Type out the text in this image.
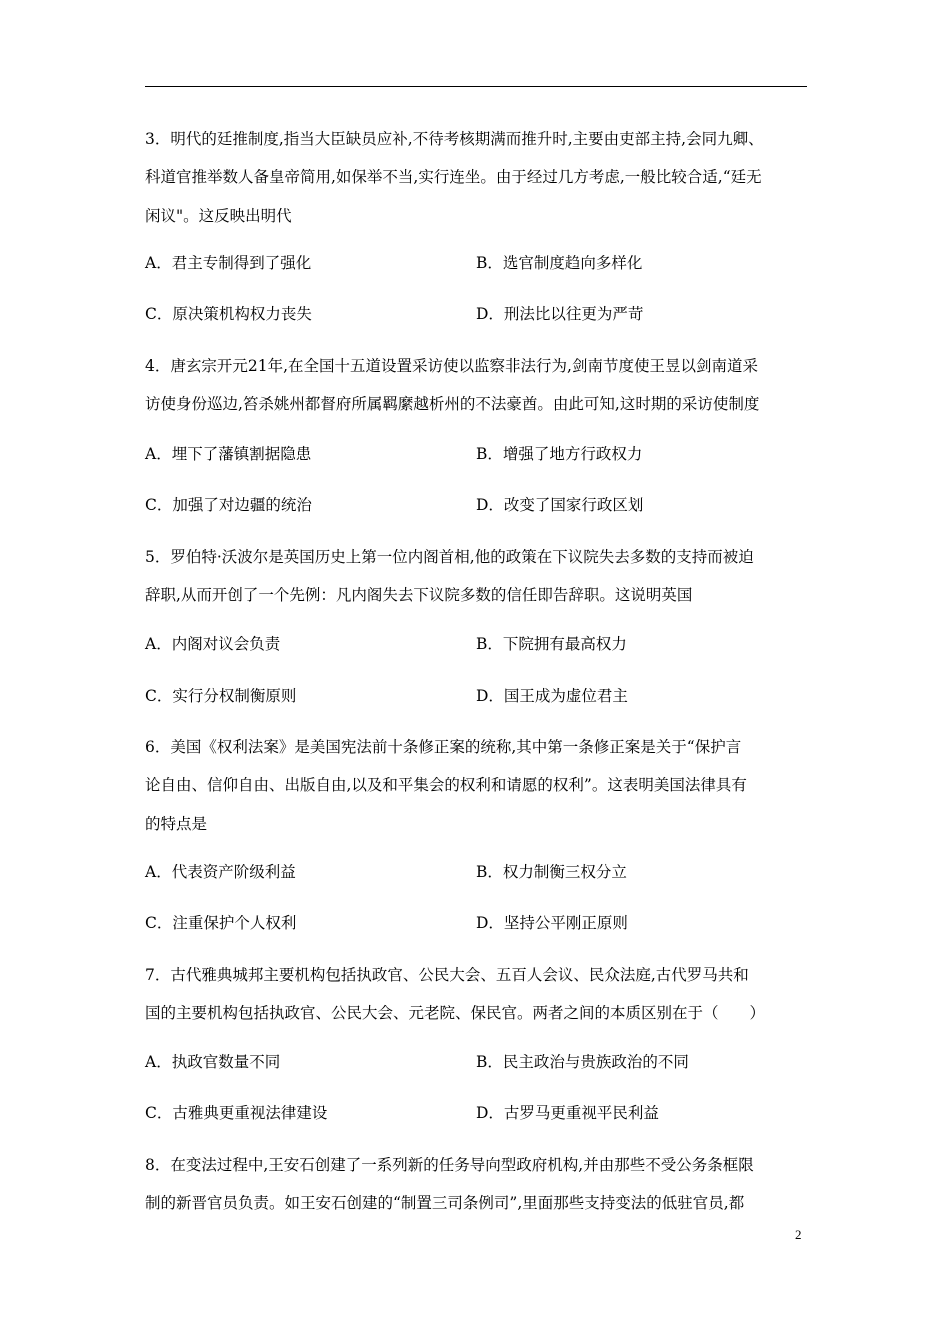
3．明代的廷推制度,指当大臣缺员应补,不待考核期满而推升时,主要由吏部主持,会同九卿、
科道官推举数人备皇帝简用,如保举不当,实行连坐。由于经过几方考虑,一般比较合适,“廷无
闲议"。这反映出明代
A．君主专制得到了强化	B．选官制度趋向多样化
C．原决策机构权力丧失	D．刑法比以往更为严苛
4．唐玄宗开元21年,在全国十五道设置采访使以监察非法行为,剑南节度使王昱以剑南道采
访使身份巡边,笞杀姚州都督府所属羁縻越析州的不法豪酋。由此可知,这时期的采访使制度
A．埋下了藩镇割据隐患	B．增强了地方行政权力
C．加强了对边疆的统治	D．改变了国家行政区划
5．罗伯特·沃波尔是英国历史上第一位内阁首相,他的政策在下议院失去多数的支持而被迫
辞职,从而开创了一个先例：凡内阁失去下议院多数的信任即告辞职。这说明英国
A．内阁对议会负责	B．下院拥有最高权力
C．实行分权制衡原则	D．国王成为虚位君主
6．美国《权利法案》是美国宪法前十条修正案的统称,其中第一条修正案是关于“保护言
论自由、信仰自由、出版自由,以及和平集会的权利和请愿的权利”。这表明美国法律具有
的特点是
A．代表资产阶级利益	B．权力制衡三权分立
C．注重保护个人权利	D．坚持公平刚正原则
7．古代雅典城邦主要机构包括执政官、公民大会、五百人会议、民众法庭,古代罗马共和
国的主要机构包括执政官、公民大会、元老院、保民官。两者之间的本质区别在于（　　）
A．执政官数量不同	B．民主政治与贵族政治的不同
C．古雅典更重视法律建设	D．古罗马更重视平民利益
8．在变法过程中,王安石创建了一系列新的任务导向型政府机构,并由那些不受公务条框限
制的新晋官员负责。如王安石创建的“制置三司条例司”,里面那些支持变法的低驻官员,都
2
